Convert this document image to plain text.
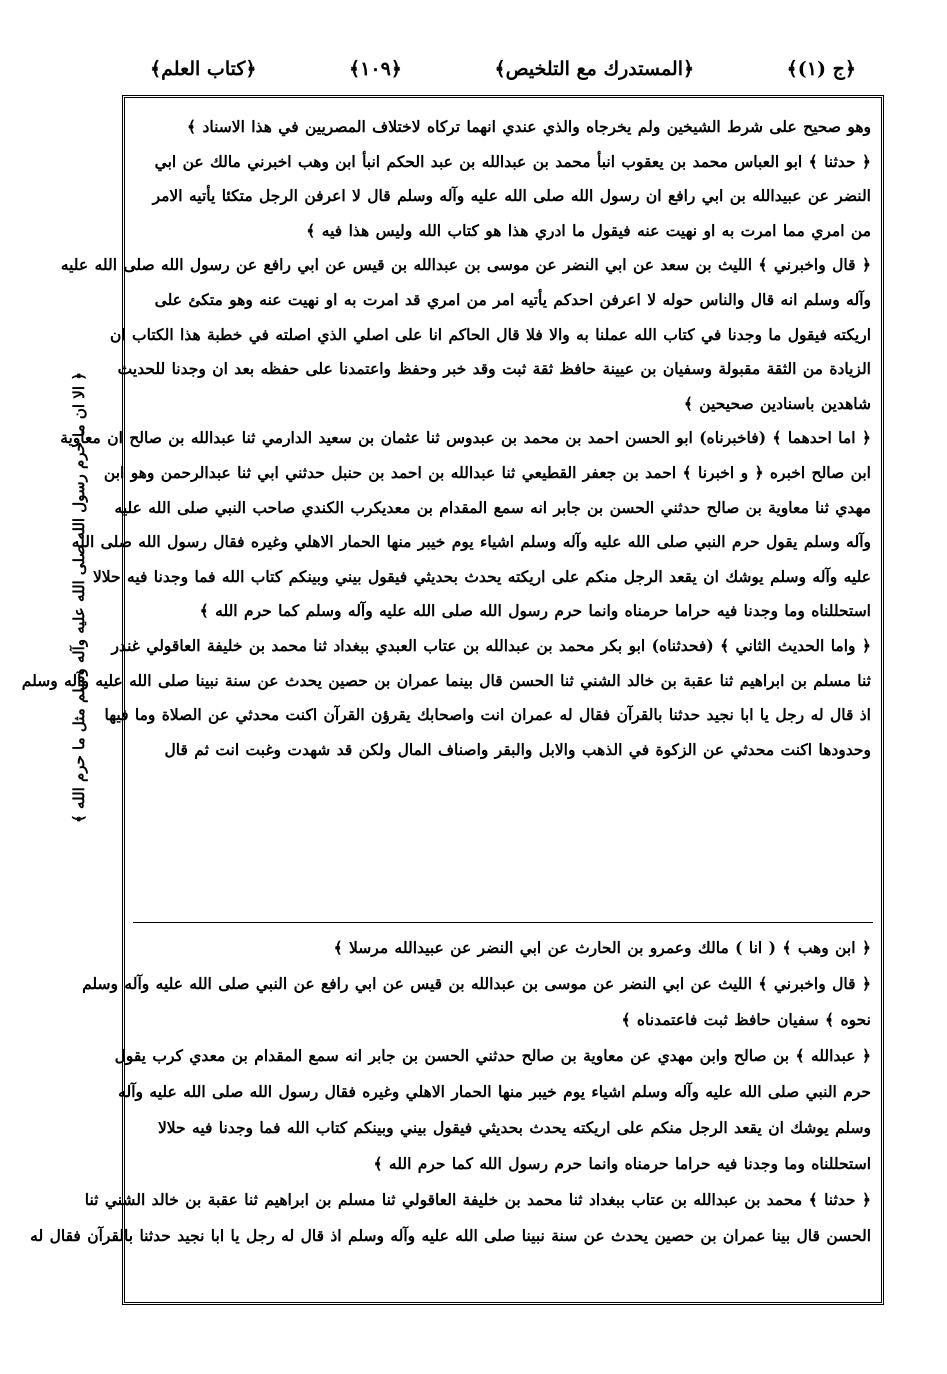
﴿ج (١)﴾
﴿المستدرك مع التلخيص﴾
﴿١٠٩﴾
﴿كتاب العلم﴾
﴿ الا ان ما حرم رسول الله صلى الله عليه وآله وسلم مثل ما حرم الله ﴾
وهو صحيح على شرط الشيخين ولم يخرجاه والذي عندي انهما تركاه لاختلاف المصريين في هذا الاسناد ﴾
﴿ حدثنا ﴾ ابو العباس محمد بن يعقوب انبأ محمد بن عبدالله بن عبد الحكم انبأ ابن وهب اخبرني مالك عن ابي
النضر عن عبيدالله بن ابي رافع ان رسول الله صلى الله عليه وآله وسلم قال لا اعرفن الرجل متكئا يأتيه الامر
من امري مما امرت به او نهيت عنه فيقول ما ادري هذا هو كتاب الله وليس هذا فيه ﴾
﴿ قال واخبرني ﴾ الليث بن سعد عن ابي النضر عن موسى بن عبدالله بن قيس عن ابي رافع عن رسول الله صلى الله عليه
وآله وسلم انه قال والناس حوله لا اعرفن احدكم يأتيه امر من امري قد امرت به او نهيت عنه وهو متكئ على
اريكته فيقول ما وجدنا في كتاب الله عملنا به والا فلا قال الحاكم انا على اصلي الذي اصلته في خطبة هذا الكتاب ان
الزيادة من الثقة مقبولة وسفيان بن عيينة حافظ ثقة ثبت وقد خبر وحفظ واعتمدنا على حفظه بعد ان وجدنا للحديث
شاهدين باسنادين صحيحين ﴾
﴿ اما احدهما ﴾ (فاخبرناه) ابو الحسن احمد بن محمد بن عبدوس ثنا عثمان بن سعيد الدارمي ثنا عبدالله بن صالح ان معاوية
ابن صالح اخبره ﴿ و اخبرنا ﴾ احمد بن جعفر القطيعي ثنا عبدالله بن احمد بن حنبل حدثني ابي ثنا عبدالرحمن وهو ابن
مهدي ثنا معاوية بن صالح حدثني الحسن بن جابر انه سمع المقدام بن معديكرب الكندي صاحب النبي صلى الله عليه
وآله وسلم يقول حرم النبي صلى الله عليه وآله وسلم اشياء يوم خيبر منها الحمار الاهلي وغيره فقال رسول الله صلى الله
عليه وآله وسلم يوشك ان يقعد الرجل منكم على اريكته يحدث بحديثي فيقول بيني وبينكم كتاب الله فما وجدنا فيه حلالا
استحللناه وما وجدنا فيه حراما حرمناه وانما حرم رسول الله صلى الله عليه وآله وسلم كما حرم الله ﴾
﴿ واما الحديث الثاني ﴾ (فحدثناه) ابو بكر محمد بن عبدالله بن عتاب العبدي ببغداد ثنا محمد بن خليفة العاقولي غندر
ثنا مسلم بن ابراهيم ثنا عقبة بن خالد الشني ثنا الحسن قال بينما عمران بن حصين يحدث عن سنة نبينا صلى الله عليه وآله وسلم
اذ قال له رجل يا ابا نجيد حدثنا بالقرآن فقال له عمران انت واصحابك يقرؤن القرآن اكنت محدثي عن الصلاة وما فيها
وحدودها اكنت محدثي عن الزكوة في الذهب والابل والبقر واصناف المال ولكن قد شهدت وغبت انت ثم قال
﴿ ابن وهب ﴾ ( انا ) مالك وعمرو بن الحارث عن ابي النضر عن عبيدالله مرسلا ﴾
﴿ قال واخبرني ﴾ الليث عن ابي النضر عن موسى بن عبدالله بن قيس عن ابي رافع عن النبي صلى الله عليه وآله وسلم
نحوه ﴾ سفيان حافظ ثبت فاعتمدناه ﴾
﴿ عبدالله ﴾ بن صالح وابن مهدي عن معاوية بن صالح حدثني الحسن بن جابر انه سمع المقدام بن معدي كرب يقول
حرم النبي صلى الله عليه وآله وسلم اشياء يوم خيبر منها الحمار الاهلي وغيره فقال رسول الله صلى الله عليه وآله
وسلم يوشك ان يقعد الرجل منكم على اريكته يحدث بحديثي فيقول بيني وبينكم كتاب الله فما وجدنا فيه حلالا
استحللناه وما وجدنا فيه حراما حرمناه وانما حرم رسول الله كما حرم الله ﴾
﴿ حدثنا ﴾ محمد بن عبدالله بن عتاب ببغداد ثنا محمد بن خليفة العاقولي ثنا مسلم بن ابراهيم ثنا عقبة بن خالد الشني ثنا
الحسن قال بينا عمران بن حصين يحدث عن سنة نبينا صلى الله عليه وآله وسلم اذ قال له رجل يا ابا نجيد حدثنا بالقرآن فقال له
